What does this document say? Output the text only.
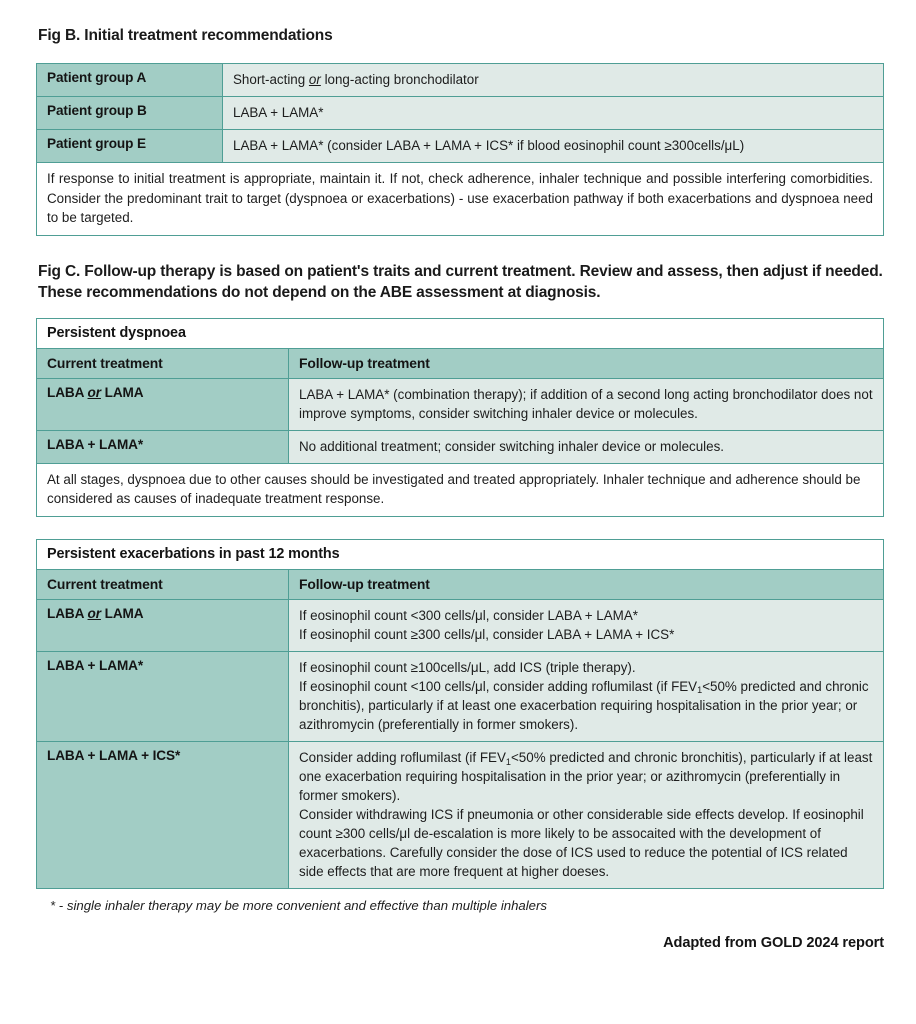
Fig B. Initial treatment recommendations
Patient group A	Short-acting or long-acting bronchodilator
Patient group B	LABA + LAMA*
Patient group E	LABA + LAMA* (consider LABA + LAMA + ICS* if blood eosinophil count ≥300cells/μL)
If response to initial treatment is appropriate, maintain it. If not, check adherence, inhaler technique and possible interfering comorbidities. Consider the predominant trait to target (dyspnoea or exacerbations) - use exacerbation pathway if both exacerbations and dyspnoea need to be targeted.	
Fig C. Follow-up therapy is based on patient's traits and current treatment. Review and assess, then adjust if needed. These recommendations do not depend on the ABE assessment at diagnosis.
Persistent dyspnoea	
Current treatment	Follow-up treatment
LABA or LAMA	LABA + LAMA* (combination therapy); if addition of a second long acting bronchodilator does not improve symptoms, consider switching inhaler device or molecules.

LABA + LAMA*	No additional treatment; consider switching inhaler device or molecules.

At all stages, dyspnoea due to other causes should be investigated and treated appropriately. Inhaler technique and adherence should be considered as causes of inadequate treatment response.	
Persistent exacerbations in past 12 months	
Current treatment	Follow-up treatment
LABA or LAMA	If eosinophil count <300 cells/μl, consider LABA + LAMA*
If eosinophil count ≥300 cells/μl, consider LABA + LAMA + ICS*

LABA + LAMA*	If eosinophil count ≥100cells/μL, add ICS (triple therapy).
If eosinophil count <100 cells/μl, consider adding roflumilast (if $FEV_1<50\%$ predicted and chronic bronchitis), particularly if at least one exacerbation requiring hospitalisation in the prior year; or azithromycin (preferentially in former smokers).

LABA + LAMA + ICS*	Consider adding roflumilast (if $FEV_1<50\%$ predicted and chronic bronchitis), particularly if at least one exacerbation requiring hospitalisation in the prior year; or azithromycin (preferentially in former smokers).
Consider withdrawing ICS if pneumonia or other considerable side effects develop. If eosinophil count ≥300 cells/μl de-escalation is more likely to be assocaited with the development of exacerbations. Carefully consider the dose of ICS used to reduce the potential of ICS related side effects that are more frequent at higher doeses.
* - single inhaler therapy may be more convenient and effective than multiple inhalers
Adapted from GOLD 2024 report
